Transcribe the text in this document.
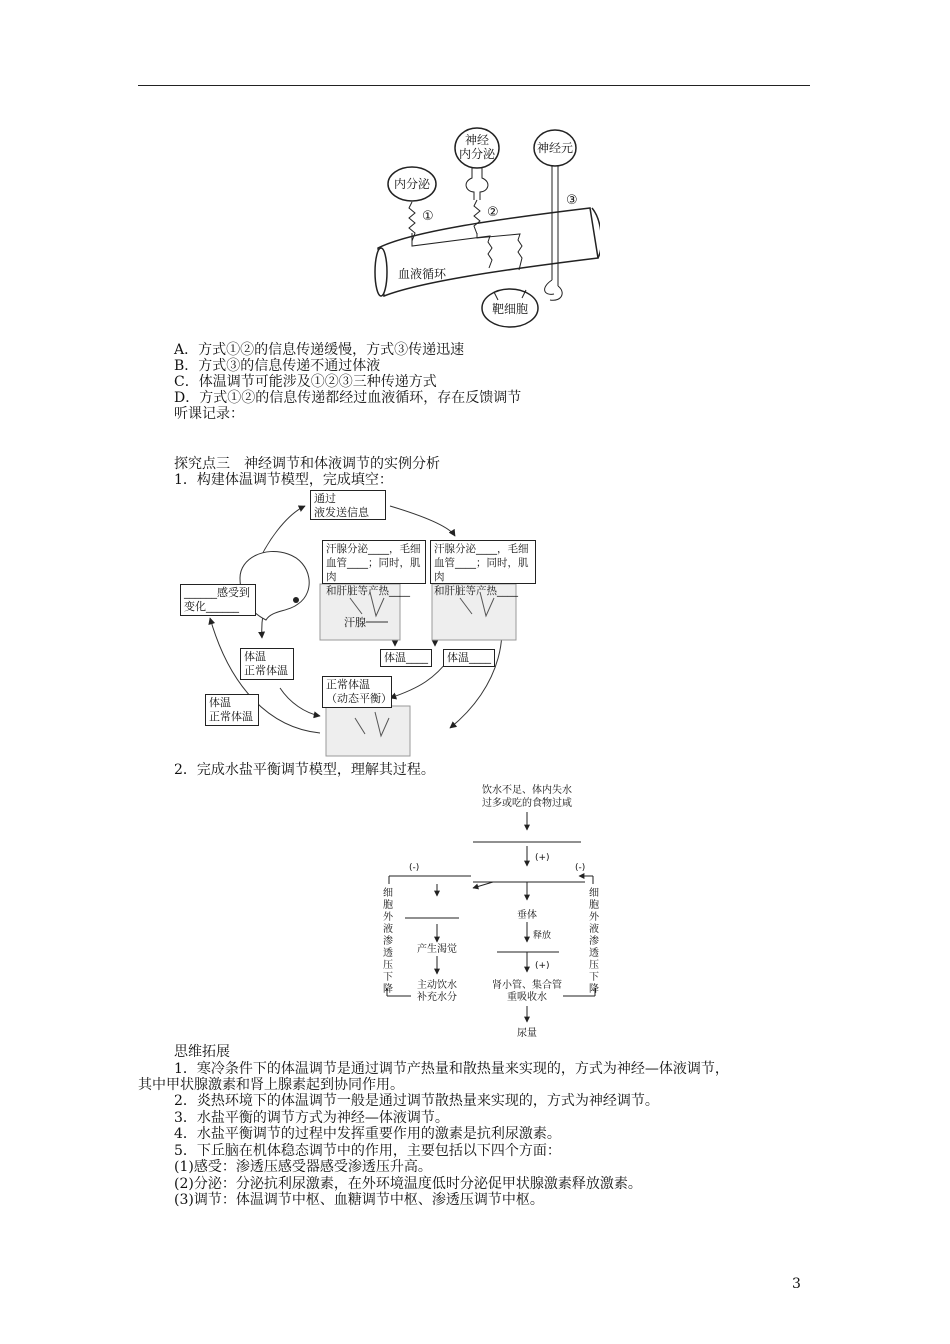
内分泌
神经
内分泌	神经元
①	②
③
血液循环
靶细胞
A．方式①②的信息传递缓慢，方式③传递迅速
B．方式③的信息传递不通过体液
C．体温调节可能涉及①②③三种传递方式
D．方式①②的信息传递都经过血液循环，存在反馈调节
听课记录：
探究点三　神经调节和体液调节的实例分析
1．构建体温调节模型，完成填空：
汗腺
通过
液发送信息
汗腺分泌____，毛细
血管____；同时，肌肉
和肝脏等产热____
汗腺分泌____，毛细
血管____；同时，肌肉
和肝脏等产热____
______感受到
变化______
体温____	体温____
体温
正常体温
正常体温
（动态平衡）
体温
正常体温
2．完成水盐平衡调节模型，理解其过程。
饮水不足、体内失水
过多或吃的食物过咸
(+)
(-)	(-)
垂体
释放
(+)
产生渴觉
主动饮水
补充水分
肾小管、集合管
重吸收水
尿量
细
胞
外
液
渗
透
压
下
降
细
胞
外
液
渗
透
压
下
降
思维拓展
1．寒冷条件下的体温调节是通过调节产热量和散热量来实现的，方式为神经—体液调节，
其中甲状腺激素和肾上腺素起到协同作用。
2．炎热环境下的体温调节一般是通过调节散热量来实现的，方式为神经调节。
3．水盐平衡的调节方式为神经—体液调节。
4．水盐平衡调节的过程中发挥重要作用的激素是抗利尿激素。
5．下丘脑在机体稳态调节中的作用，主要包括以下四个方面：
(1)感受：渗透压感受器感受渗透压升高。
(2)分泌：分泌抗利尿激素，在外环境温度低时分泌促甲状腺激素释放激素。
(3)调节：体温调节中枢、血糖调节中枢、渗透压调节中枢。
3
